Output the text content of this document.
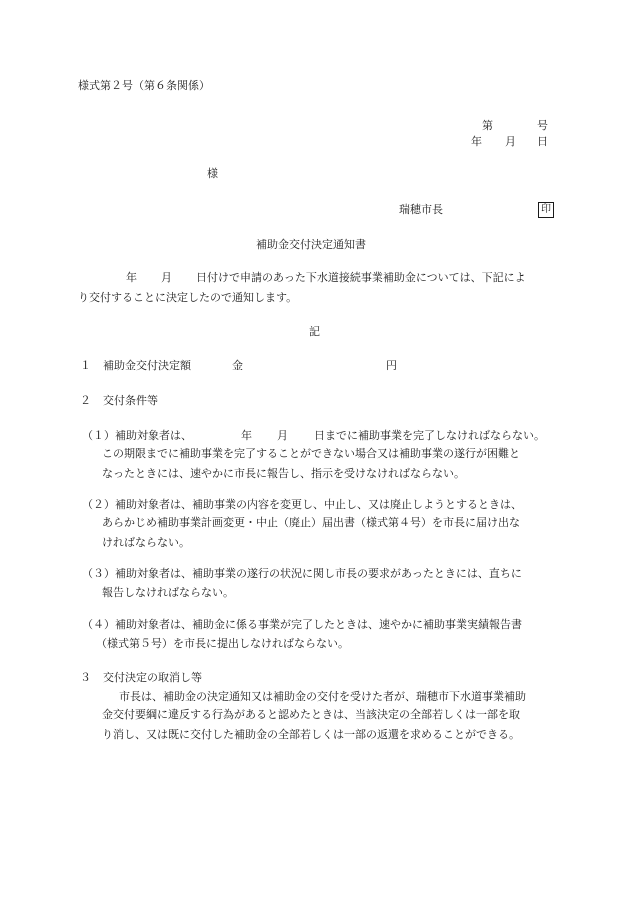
様式第２号（第６条関係）
第	号
年 月 日
様
瑞穂市長	印
補助金交付決定通知書
年 月 日付けで申請のあった下水道接続事業補助金については、下記によ
り交付することに決定したので通知します。
記
１ 補助金交付決定額	金	円
２ 交付条件等
（１）補助対象者は、	年 月 日までに補助事業を完了しなければならない。
この期限までに補助事業を完了することができない場合又は補助事業の遂行が困難と
なったときには、速やかに市長に報告し、指示を受けなければならない。
（２）補助対象者は、補助事業の内容を変更し、中止し、又は廃止しようとするときは、
あらかじめ補助事業計画変更・中止（廃止）届出書（様式第４号）を市長に届け出な
ければならない。
（３）補助対象者は、補助事業の遂行の状況に関し市長の要求があったときには、直ちに
報告しなければならない。
（４）補助対象者は、補助金に係る事業が完了したときは、速やかに補助事業実績報告書
（様式第５号）を市長に提出しなければならない。
３ 交付決定の取消し等
市長は、補助金の決定通知又は補助金の交付を受けた者が、瑞穂市下水道事業補助
金交付要綱に違反する行為があると認めたときは、当該決定の全部若しくは一部を取
り消し、又は既に交付した補助金の全部若しくは一部の返還を求めることができる。
